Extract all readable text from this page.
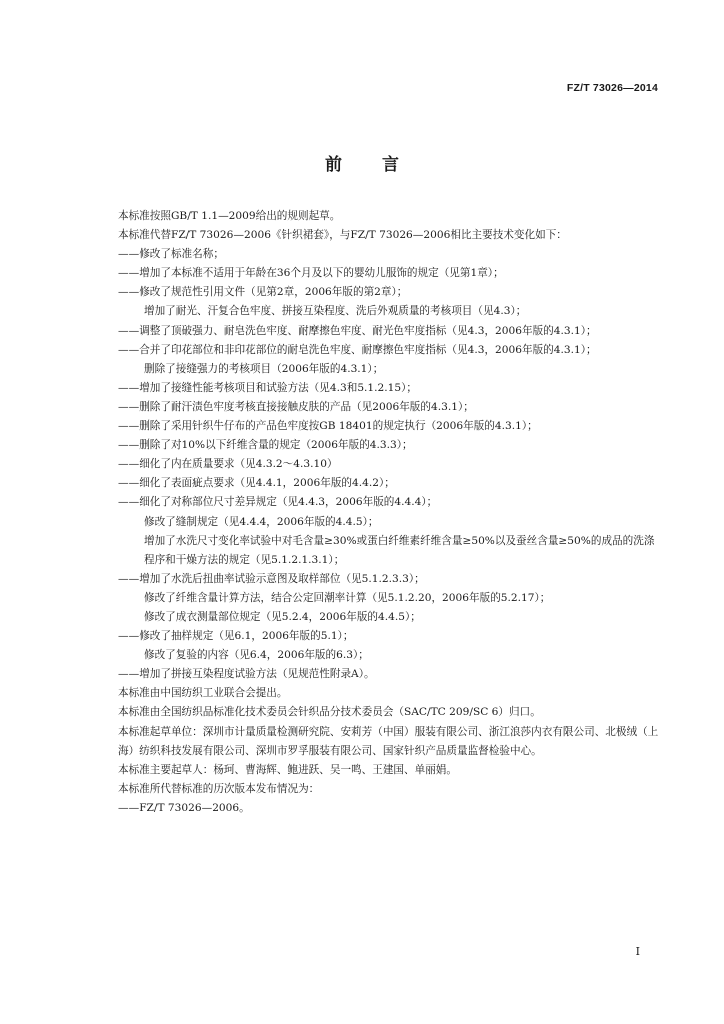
FZ/T 73026—2014
前言
本标准按照GB/T 1.1—2009给出的规则起草。
本标准代替FZ/T 73026—2006《针织裙套》，与FZ/T 73026—2006相比主要技术变化如下：
——修改了标准名称；
——增加了本标准不适用于年龄在36个月及以下的婴幼儿服饰的规定（见第1章）；
——修改了规范性引用文件（见第2章，2006年版的第2章）；
增加了耐光、汗复合色牢度、拼接互染程度、洗后外观质量的考核项目（见4.3）；
——调整了顶破强力、耐皂洗色牢度、耐摩擦色牢度、耐光色牢度指标（见4.3，2006年版的4.3.1）；
——合并了印花部位和非印花部位的耐皂洗色牢度、耐摩擦色牢度指标（见4.3，2006年版的4.3.1）；
删除了接缝强力的考核项目（2006年版的4.3.1）；
——增加了接缝性能考核项目和试验方法（见4.3和5.1.2.15）；
——删除了耐汗渍色牢度考核直接接触皮肤的产品（见2006年版的4.3.1）；
——删除了采用针织牛仔布的产品色牢度按GB 18401的规定执行（2006年版的4.3.1）；
——删除了对10%以下纤维含量的规定（2006年版的4.3.3）；
——细化了内在质量要求（见4.3.2～4.3.10）
——细化了表面疵点要求（见4.4.1，2006年版的4.4.2）；
——细化了对称部位尺寸差异规定（见4.4.3，2006年版的4.4.4）；
修改了缝制规定（见4.4.4，2006年版的4.4.5）；
增加了水洗尺寸变化率试验中对毛含量≥30%或蛋白纤维素纤维含量≥50%以及蚕丝含量≥50%的成品的洗涤程序和干燥方法的规定（见5.1.2.1.3.1）；
——增加了水洗后扭曲率试验示意图及取样部位（见5.1.2.3.3）；
修改了纤维含量计算方法，结合公定回潮率计算（见5.1.2.20，2006年版的5.2.17）；
修改了成衣测量部位规定（见5.2.4，2006年版的4.4.5）；
——修改了抽样规定（见6.1，2006年版的5.1）；
修改了复验的内容（见6.4，2006年版的6.3）；
——增加了拼接互染程度试验方法（见规范性附录A）。
本标准由中国纺织工业联合会提出。
本标准由全国纺织品标准化技术委员会针织品分技术委员会（SAC/TC 209/SC 6）归口。
本标准起草单位：深圳市计量质量检测研究院、安莉芳（中国）服装有限公司、浙江浪莎内衣有限公司、北极绒（上海）纺织科技发展有限公司、深圳市罗孚服装有限公司、国家针织产品质量监督检验中心。
本标准主要起草人：杨珂、曹海辉、鲍进跃、吴一鸣、王建国、单丽娟。
本标准所代替标准的历次版本发布情况为：
——FZ/T 73026—2006。
I
